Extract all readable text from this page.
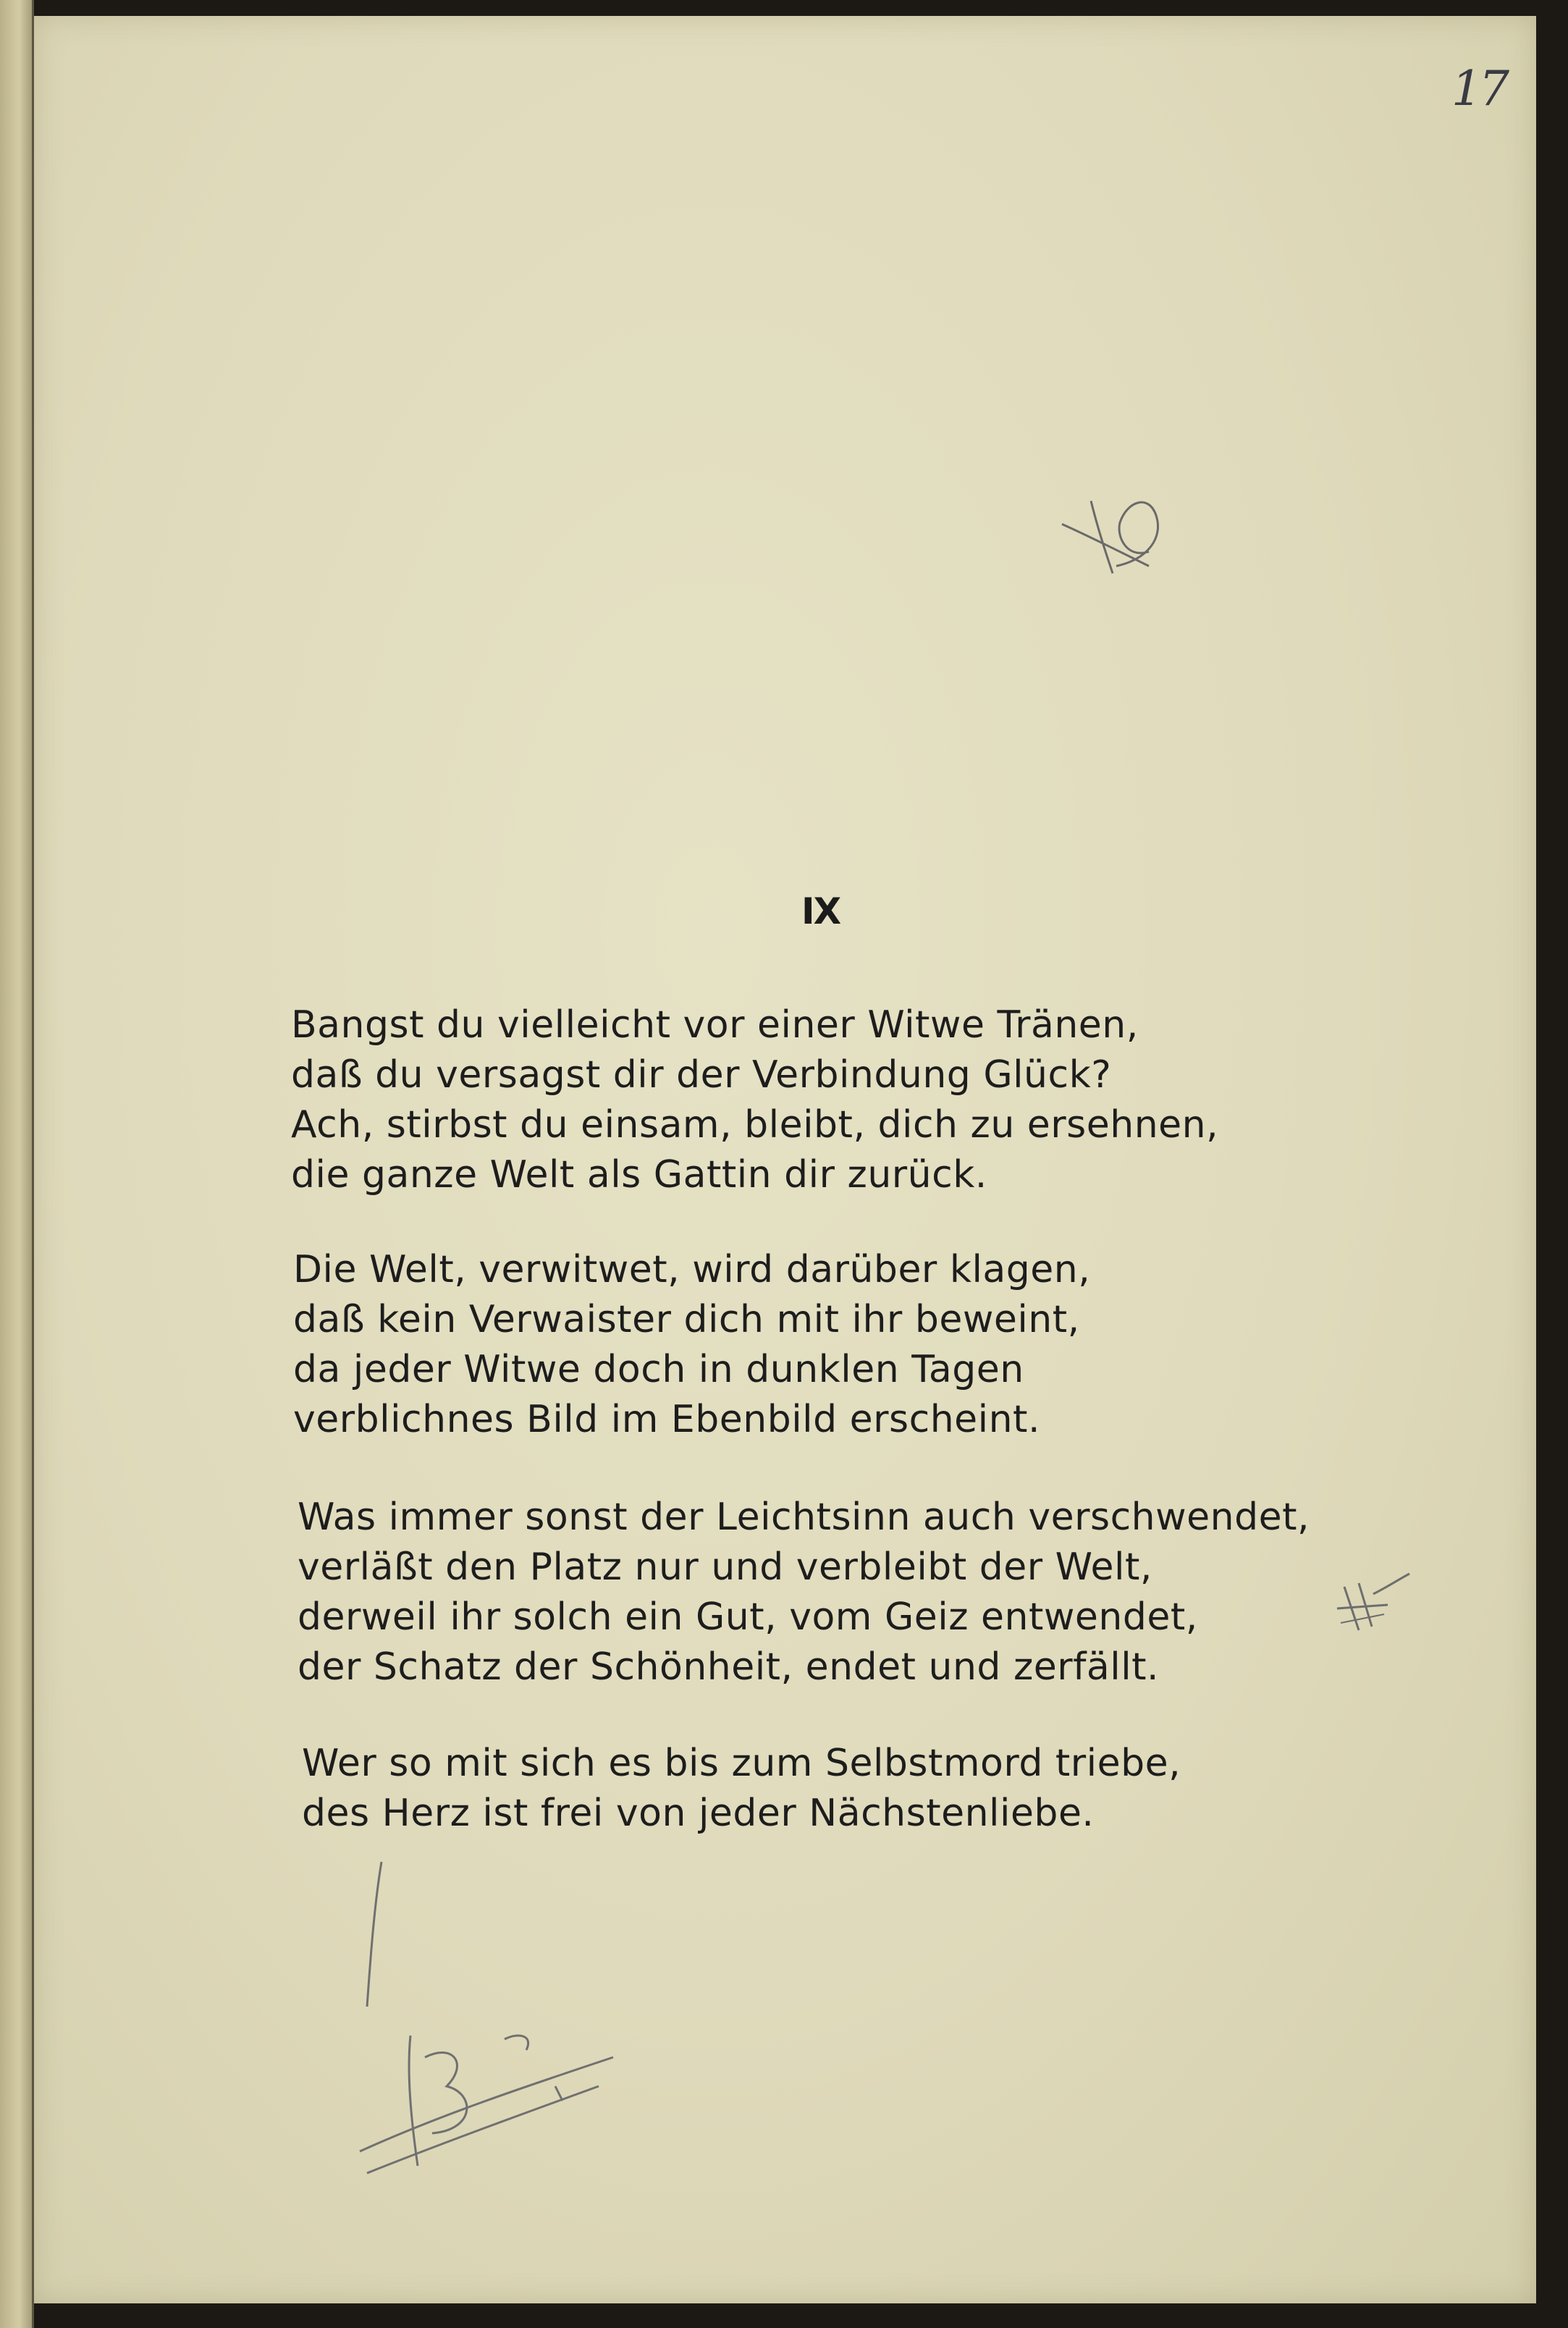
17
IX
Bangst du vielleicht vor einer Witwe Tränen,
daß du versagst dir der Verbindung Glück?
Ach, stirbst du einsam, bleibt, dich zu ersehnen,
die ganze Welt als Gattin dir zurück.
Die Welt, verwitwet, wird darüber klagen,
daß kein Verwaister dich mit ihr beweint,
da jeder Witwe doch in dunklen Tagen
verblichnes Bild im Ebenbild erscheint.
Was immer sonst der Leichtsinn auch verschwendet,
verläßt den Platz nur und verbleibt der Welt,
derweil ihr solch ein Gut, vom Geiz entwendet,
der Schatz der Schönheit, endet und zerfällt.
Wer so mit sich es bis zum Selbstmord triebe,
des Herz ist frei von jeder Nächstenliebe.
